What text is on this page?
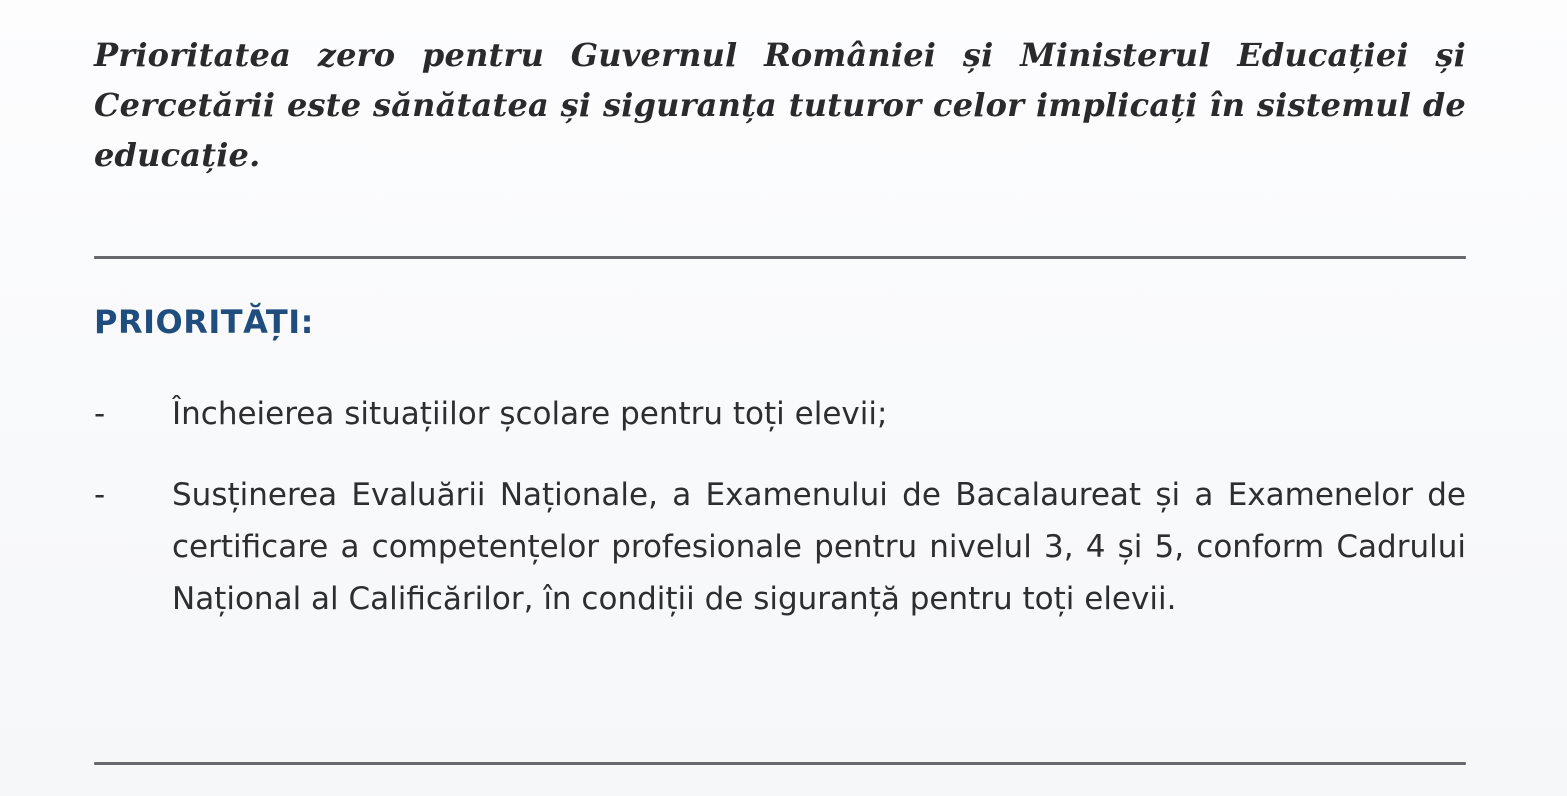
Prioritatea zero pentru Guvernul României și Ministerul Educației și Cercetării este sănătatea și siguranța tuturor celor implicați în sistemul de educație.

PRIORITĂȚI:
- Încheierea situațiilor școlare pentru toți elevii;
- Susținerea Evaluării Naționale, a Examenului de Bacalaureat și a Examenelor de certificare a competențelor profesionale pentru nivelul 3, 4 și 5, conform Cadrului Național al Calificărilor, în condiții de siguranță pentru toți elevii.
